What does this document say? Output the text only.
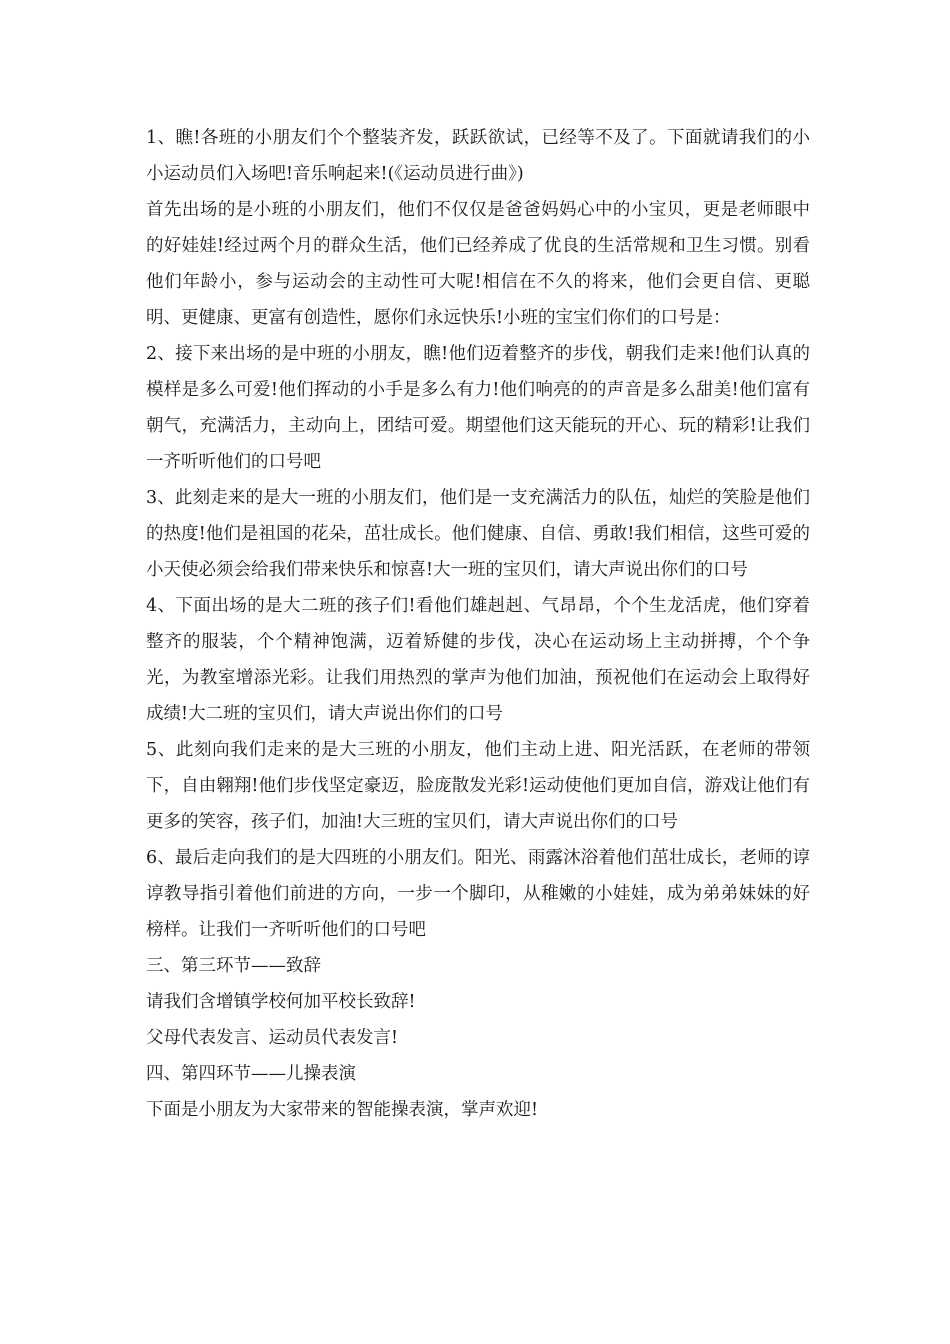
1、瞧!各班的小朋友们个个整装齐发，跃跃欲试，已经等不及了。下面就请我们的小小运动员们入场吧!音乐响起来!(《运动员进行曲》)

首先出场的是小班的小朋友们，他们不仅仅是爸爸妈妈心中的小宝贝，更是老师眼中的好娃娃!经过两个月的群众生活，他们已经养成了优良的生活常规和卫生习惯。别看他们年龄小，参与运动会的主动性可大呢!相信在不久的将来，他们会更自信、更聪明、更健康、更富有创造性，愿你们永远快乐!小班的宝宝们你们的口号是：

2、接下来出场的是中班的小朋友，瞧!他们迈着整齐的步伐，朝我们走来!他们认真的模样是多么可爱!他们挥动的小手是多么有力!他们响亮的的声音是多么甜美!他们富有朝气，充满活力，主动向上，团结可爱。期望他们这天能玩的开心、玩的精彩!让我们一齐听听他们的口号吧

3、此刻走来的是大一班的小朋友们，他们是一支充满活力的队伍，灿烂的笑脸是他们的热度!他们是祖国的花朵，茁壮成长。他们健康、自信、勇敢!我们相信，这些可爱的小天使必须会给我们带来快乐和惊喜!大一班的宝贝们，请大声说出你们的口号

4、下面出场的是大二班的孩子们!看他们雄赳赳、气昂昂，个个生龙活虎，他们穿着整齐的服装，个个精神饱满，迈着矫健的步伐，决心在运动场上主动拼搏，个个争光，为教室增添光彩。让我们用热烈的掌声为他们加油，预祝他们在运动会上取得好成绩!大二班的宝贝们，请大声说出你们的口号

5、此刻向我们走来的是大三班的小朋友，他们主动上进、阳光活跃，在老师的带领下，自由翱翔!他们步伐坚定豪迈，脸庞散发光彩!运动使他们更加自信，游戏让他们有更多的笑容，孩子们，加油!大三班的宝贝们，请大声说出你们的口号

6、最后走向我们的是大四班的小朋友们。阳光、雨露沐浴着他们茁壮成长，老师的谆谆教导指引着他们前进的方向，一步一个脚印，从稚嫩的小娃娃，成为弟弟妹妹的好榜样。让我们一齐听听他们的口号吧

三、第三环节——致辞

请我们含增镇学校何加平校长致辞!

父母代表发言、运动员代表发言!

四、第四环节——儿操表演

下面是小朋友为大家带来的智能操表演，掌声欢迎!
